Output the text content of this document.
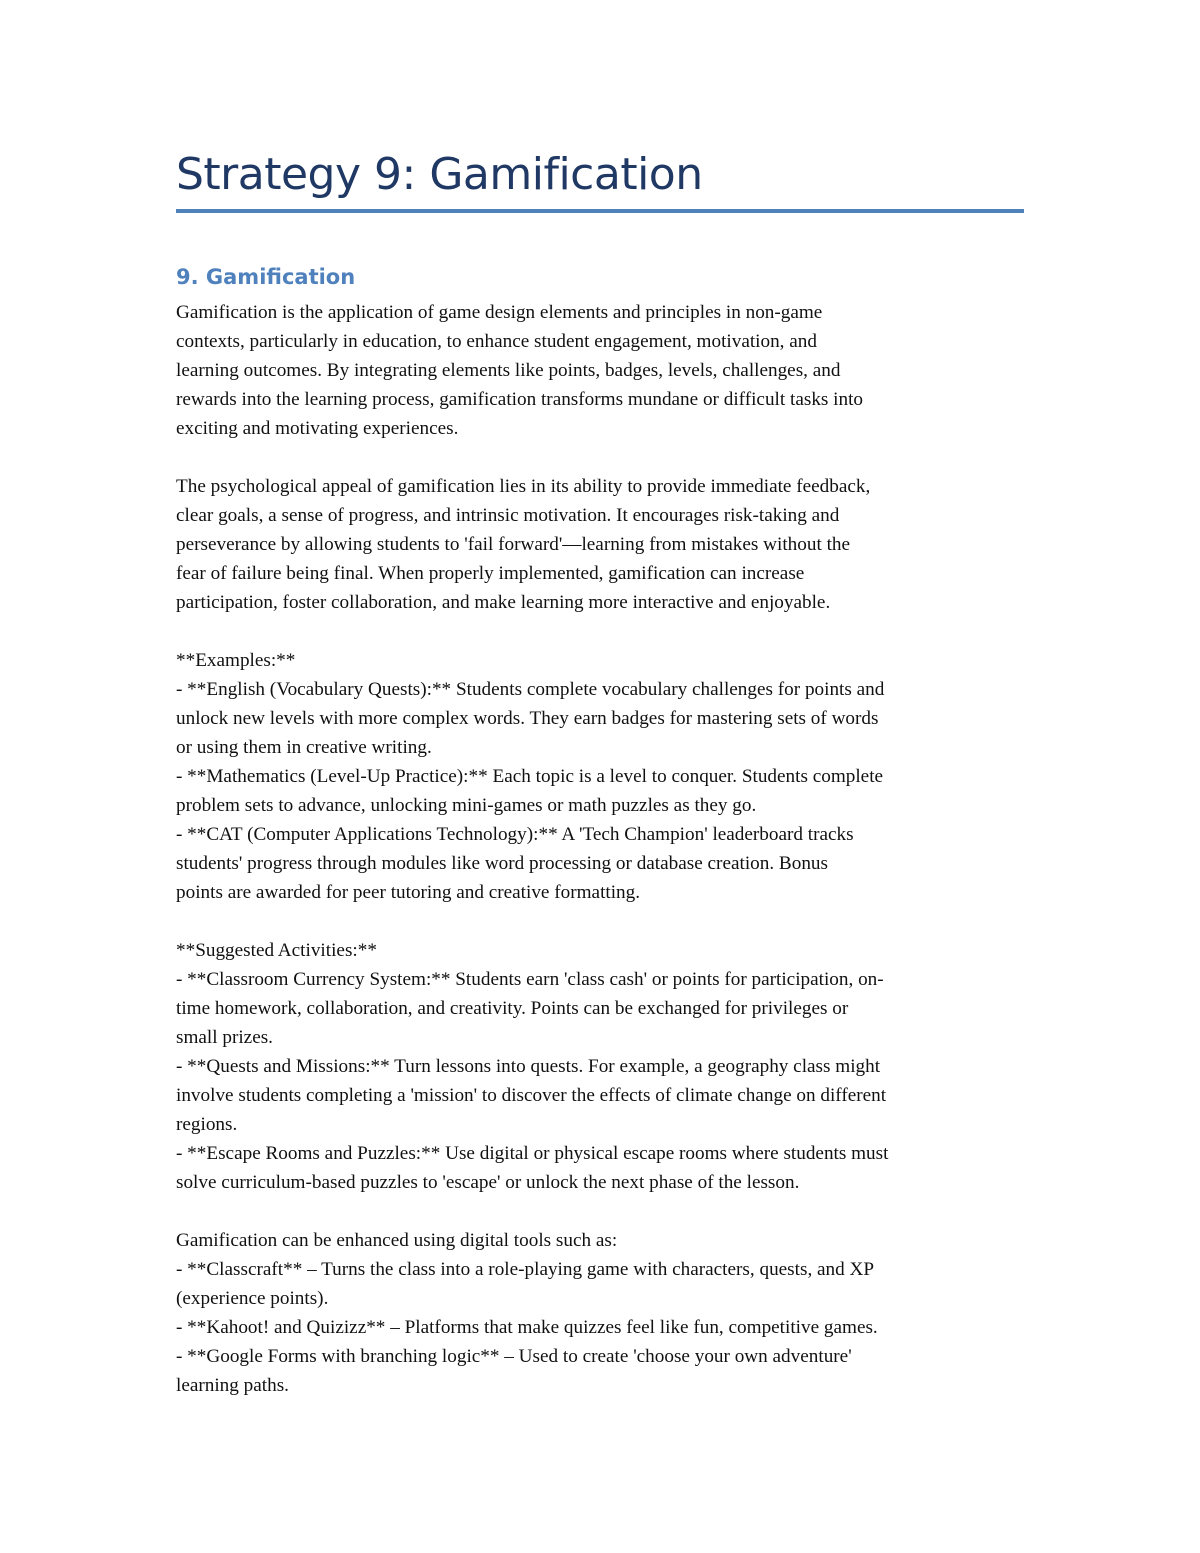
Strategy 9: Gamification
9. Gamification
Gamification is the application of game design elements and principles in non-game
contexts, particularly in education, to enhance student engagement, motivation, and
learning outcomes. By integrating elements like points, badges, levels, challenges, and
rewards into the learning process, gamification transforms mundane or difficult tasks into
exciting and motivating experiences.
The psychological appeal of gamification lies in its ability to provide immediate feedback,
clear goals, a sense of progress, and intrinsic motivation. It encourages risk-taking and
perseverance by allowing students to 'fail forward'—learning from mistakes without the
fear of failure being final. When properly implemented, gamification can increase
participation, foster collaboration, and make learning more interactive and enjoyable.
**Examples:**
- **English (Vocabulary Quests):** Students complete vocabulary challenges for points and
unlock new levels with more complex words. They earn badges for mastering sets of words
or using them in creative writing.
- **Mathematics (Level-Up Practice):** Each topic is a level to conquer. Students complete
problem sets to advance, unlocking mini-games or math puzzles as they go.
- **CAT (Computer Applications Technology):** A 'Tech Champion' leaderboard tracks
students' progress through modules like word processing or database creation. Bonus
points are awarded for peer tutoring and creative formatting.
**Suggested Activities:**
- **Classroom Currency System:** Students earn 'class cash' or points for participation, on-
time homework, collaboration, and creativity. Points can be exchanged for privileges or
small prizes.
- **Quests and Missions:** Turn lessons into quests. For example, a geography class might
involve students completing a 'mission' to discover the effects of climate change on different
regions.
- **Escape Rooms and Puzzles:** Use digital or physical escape rooms where students must
solve curriculum-based puzzles to 'escape' or unlock the next phase of the lesson.
Gamification can be enhanced using digital tools such as:
- **Classcraft** – Turns the class into a role-playing game with characters, quests, and XP
(experience points).
- **Kahoot! and Quizizz** – Platforms that make quizzes feel like fun, competitive games.
- **Google Forms with branching logic** – Used to create 'choose your own adventure'
learning paths.
